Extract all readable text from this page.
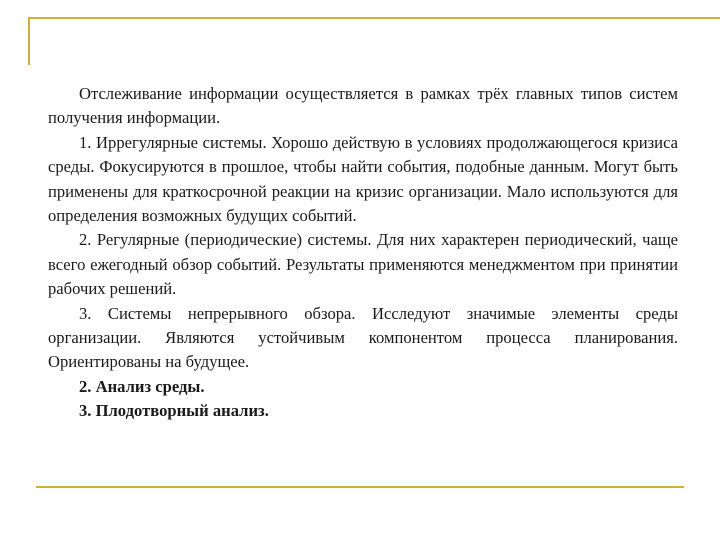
Отслеживание информации осуществляется в рамках трёх главных типов систем получения информации.

1. Иррегулярные системы. Хорошо действую в условиях продолжающегося кризиса среды. Фокусируются в прошлое, чтобы найти события, подобные данным. Могут быть применены для краткосрочной реакции на кризис организации. Мало используются для определения возможных будущих событий.

2. Регулярные (периодические) системы. Для них характерен периодический, чаще всего ежегодный обзор событий. Результаты применяются менеджментом при принятии рабочих решений.

3. Системы непрерывного обзора. Исследуют значимые элементы среды организации. Являются устойчивым компонентом процесса планирования. Ориентированы на будущее.

2. Анализ среды.

3. Плодотворный анализ.
